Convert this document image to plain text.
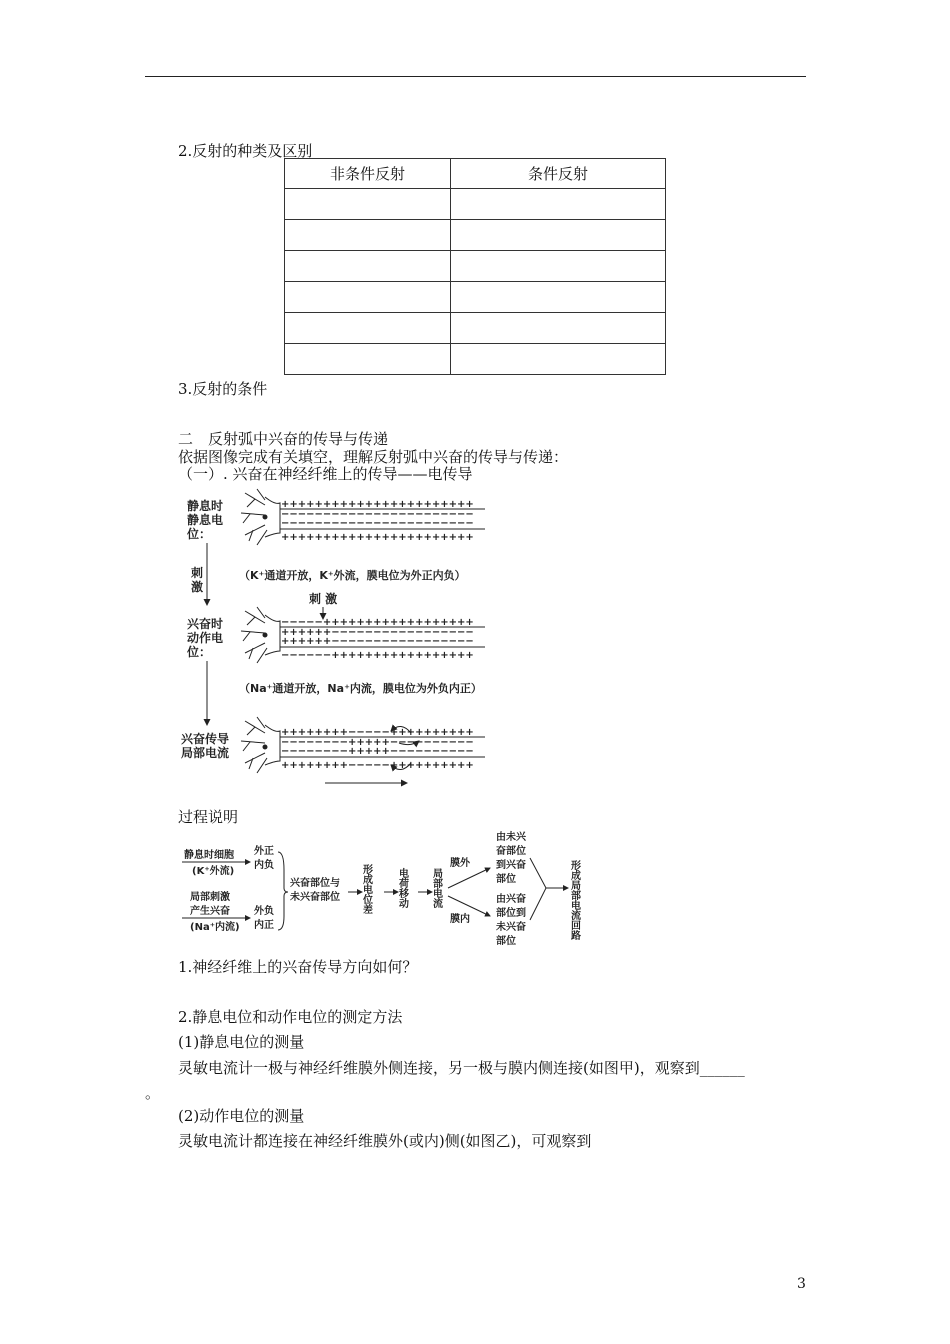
2.反射的种类及区别
非条件反射	条件反射

3.反射的条件
二　反射弧中兴奋的传导与传递
依据图像完成有关填空，理解反射弧中兴奋的传导与传递：
（一）. 兴奋在神经纤维上的传导——电传导
静息时
静息电
位：
刺
激
（K⁺通道开放，K⁺外流，膜电位为外正内负）
刺 激
兴奋时
动作电
位：
（Na⁺通道开放，Na⁺内流，膜电位为外负内正）
兴奋传导
局部电流
+++++++++++++++++++++++
−−−−−−−−−−−−−−−−−−−−−−−
−−−−−−−−−−−−−−−−−−−−−−−
+++++++++++++++++++++++
−−−−−++++++++++++++++++
++++++−−−−−−−−−−−−−−−−−
++++++−−−−−−−−−−−−−−−−−
−−−−−−+++++++++++++++++
++++++++−−−−−++++++++++
−−−−−−−−+++++−−−−−−−−−−
−−−−−−−−+++++−−−−−−−−−−
++++++++−−−−−++++++++++
过程说明
静息时细胞
(K⁺外流)
外正
内负
局部刺激
产生兴奋
(Na⁺内流)
外负
内正
兴奋部位与
未兴奋部位 形成电位差	电荷移动 局部电流
膜外
膜内
由未兴
奋部位
到兴奋
部位
由兴奋
部位到
未兴奋
部位
形成局部电流回路
1.神经纤维上的兴奋传导方向如何？
2.静息电位和动作电位的测定方法
(1)静息电位的测量
灵敏电流计一极与神经纤维膜外侧连接，另一极与膜内侧连接(如图甲)，观察到______
。
(2)动作电位的测量
灵敏电流计都连接在神经纤维膜外(或内)侧(如图乙)，可观察到
3
